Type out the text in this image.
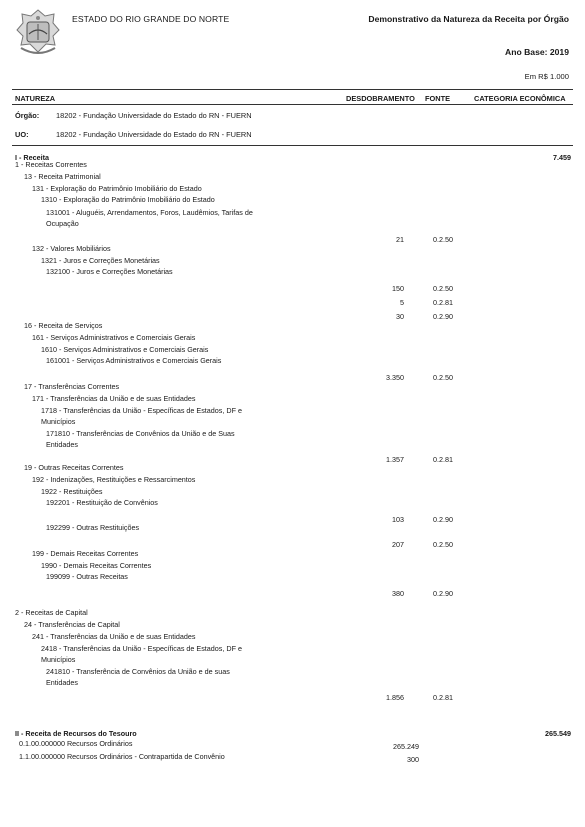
ESTADO DO RIO GRANDE DO NORTE	Demonstrativo da Natureza da Receita por Órgão
Ano Base: 2019
Em R$ 1.000
NATUREZA	DESDOBRAMENTO FONTE	CATEGORIA ECONÔMICA
Órgão: 18202 - Fundação Universidade do Estado do RN - FUERN
UO:	18202 - Fundação Universidade do Estado do RN - FUERN
I - Receita	7.459
1 - Receitas Correntes
13 - Receita Patrimonial
131 - Exploração do Patrimônio Imobiliário do Estado
1310 - Exploração do Patrimônio Imobiliário do Estado
131001 - Aluguéis, Arrendamentos, Foros, Laudêmios, Tarifas de
Ocupação
21	0.2.50
132 - Valores Mobiliários
1321 - Juros e Correções Monetárias
132100 - Juros e Correções Monetárias
150	0.2.50
5	0.2.81
30	0.2.90
16 - Receita de Serviços
161 - Serviços Administrativos e Comerciais Gerais
1610 - Serviços Administrativos e Comerciais Gerais
161001 - Serviços Administrativos e Comerciais Gerais
3.350	0.2.50
17 - Transferências Correntes
171 - Transferências da União e de suas Entidades
1718 - Transferências da União - Específicas de Estados, DF e
Municípios
171810 - Transferências de Convênios da União e de Suas
Entidades
1.357	0.2.81
19 - Outras Receitas Correntes
192 - Indenizações, Restituições e Ressarcimentos
1922 - Restituições
192201 - Restituição de Convênios
103	0.2.90
192299 - Outras Restituições
207	0.2.50
199 - Demais Receitas Correntes
1990 - Demais Receitas Correntes
199099 - Outras Receitas
380	0.2.90
2 - Receitas de Capital
24 - Transferências de Capital
241 - Transferências da União e de suas Entidades
2418 - Transferências da União - Específicas de Estados, DF e
Municípios
241810 - Transferência de Convênios da União e de suas
Entidades
1.856	0.2.81
II - Receita de Recursos do Tesouro	265.549
0.1.00.000000 Recursos Ordinários	265.249
1.1.00.000000 Recursos Ordinários - Contrapartida de Convênio	300
